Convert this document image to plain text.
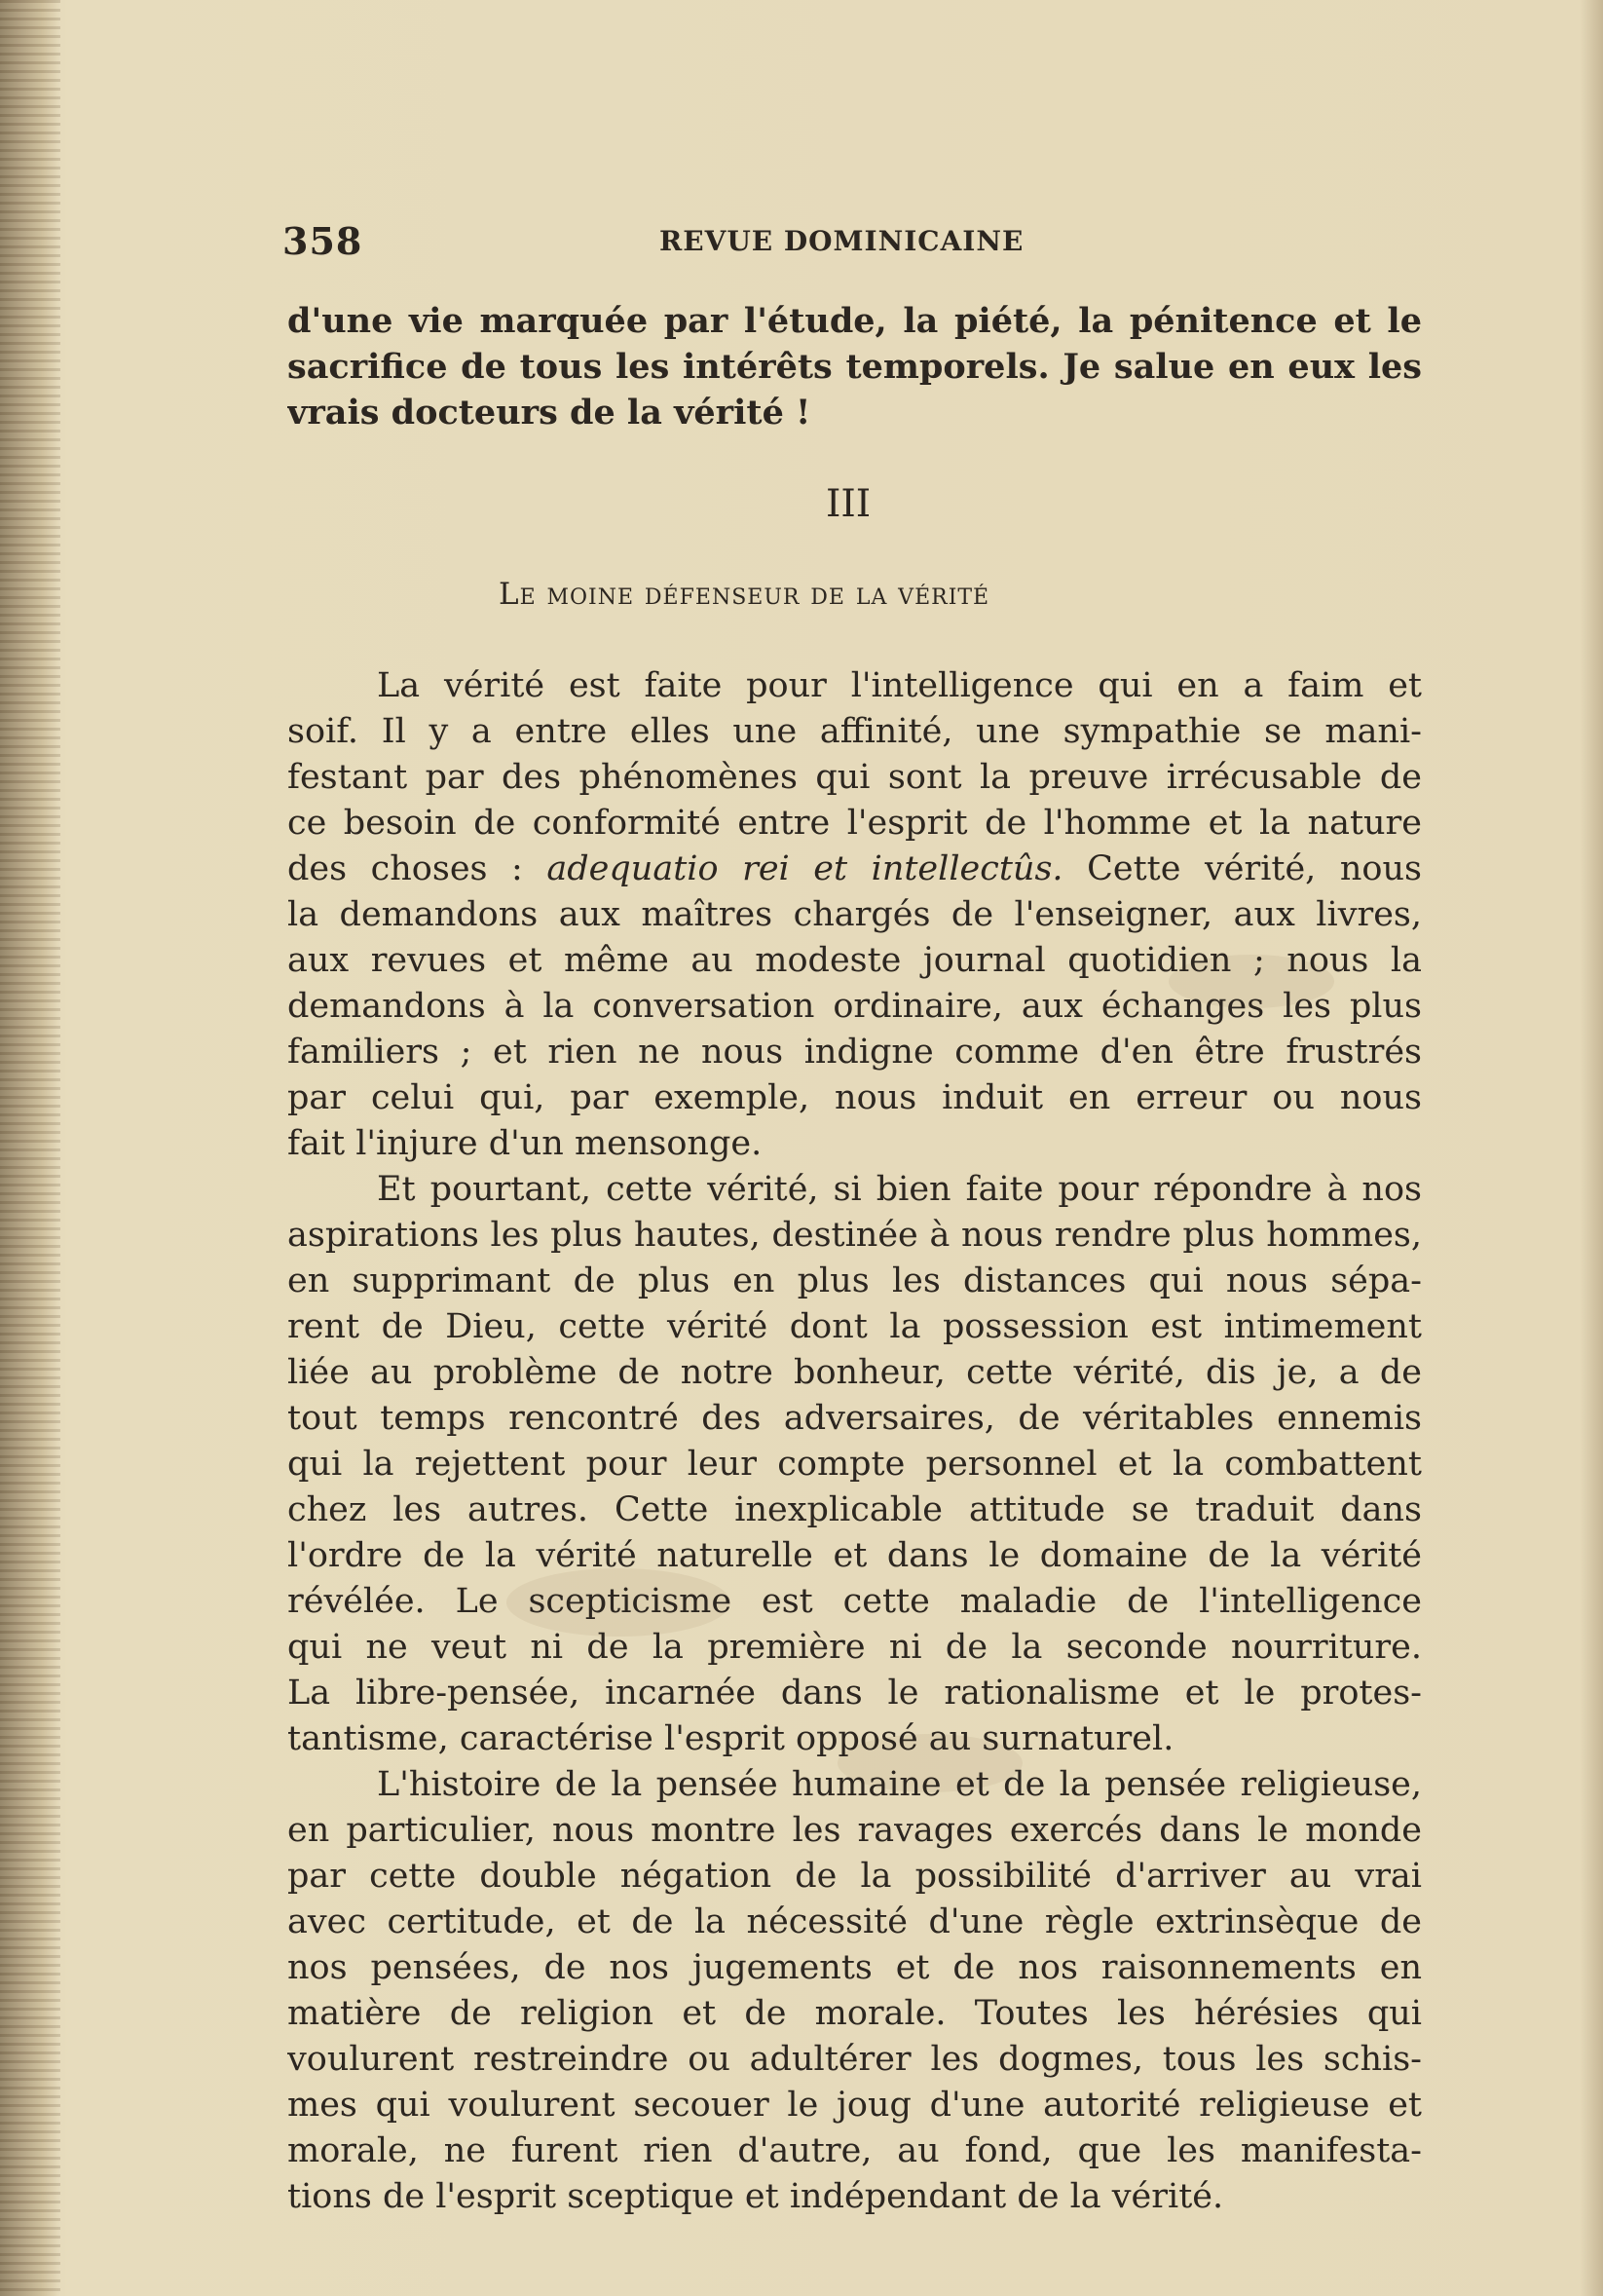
358	REVUE DOMINICAINE
d'une vie marquée par l'étude, la piété, la pénitence et le
sacrifice de tous les intérêts temporels. Je salue en eux les
vrais docteurs de la vérité !
III
Le moine défenseur de la vérité
La vérité est faite pour l'intelligence qui en a faim et
soif. Il y a entre elles une affinité, une sympathie se mani-
festant par des phénomènes qui sont la preuve irrécusable de
ce besoin de conformité entre l'esprit de l'homme et la nature
des choses : adequatio rei et intellectûs. Cette vérité, nous
la demandons aux maîtres chargés de l'enseigner, aux livres,
aux revues et même au modeste journal quotidien ; nous la
demandons à la conversation ordinaire, aux échanges les plus
familiers ; et rien ne nous indigne comme d'en être frustrés
par celui qui, par exemple, nous induit en erreur ou nous
fait l'injure d'un mensonge.
Et pourtant, cette vérité, si bien faite pour répondre à nos
aspirations les plus hautes, destinée à nous rendre plus hommes,
en supprimant de plus en plus les distances qui nous sépa-
rent de Dieu, cette vérité dont la possession est intimement
liée au problème de notre bonheur, cette vérité, dis je, a de
tout temps rencontré des adversaires, de véritables ennemis
qui la rejettent pour leur compte personnel et la combattent
chez les autres. Cette inexplicable attitude se traduit dans
l'ordre de la vérité naturelle et dans le domaine de la vérité
révélée. Le scepticisme est cette maladie de l'intelligence
qui ne veut ni de la première ni de la seconde nourriture.
La libre-pensée, incarnée dans le rationalisme et le protes-
tantisme, caractérise l'esprit opposé au surnaturel.
L'histoire de la pensée humaine et de la pensée religieuse,
en particulier, nous montre les ravages exercés dans le monde
par cette double négation de la possibilité d'arriver au vrai
avec certitude, et de la nécessité d'une règle extrinsèque de
nos pensées, de nos jugements et de nos raisonnements en
matière de religion et de morale. Toutes les hérésies qui
voulurent restreindre ou adultérer les dogmes, tous les schis-
mes qui voulurent secouer le joug d'une autorité religieuse et
morale, ne furent rien d'autre, au fond, que les manifesta-
tions de l'esprit sceptique et indépendant de la vérité.
